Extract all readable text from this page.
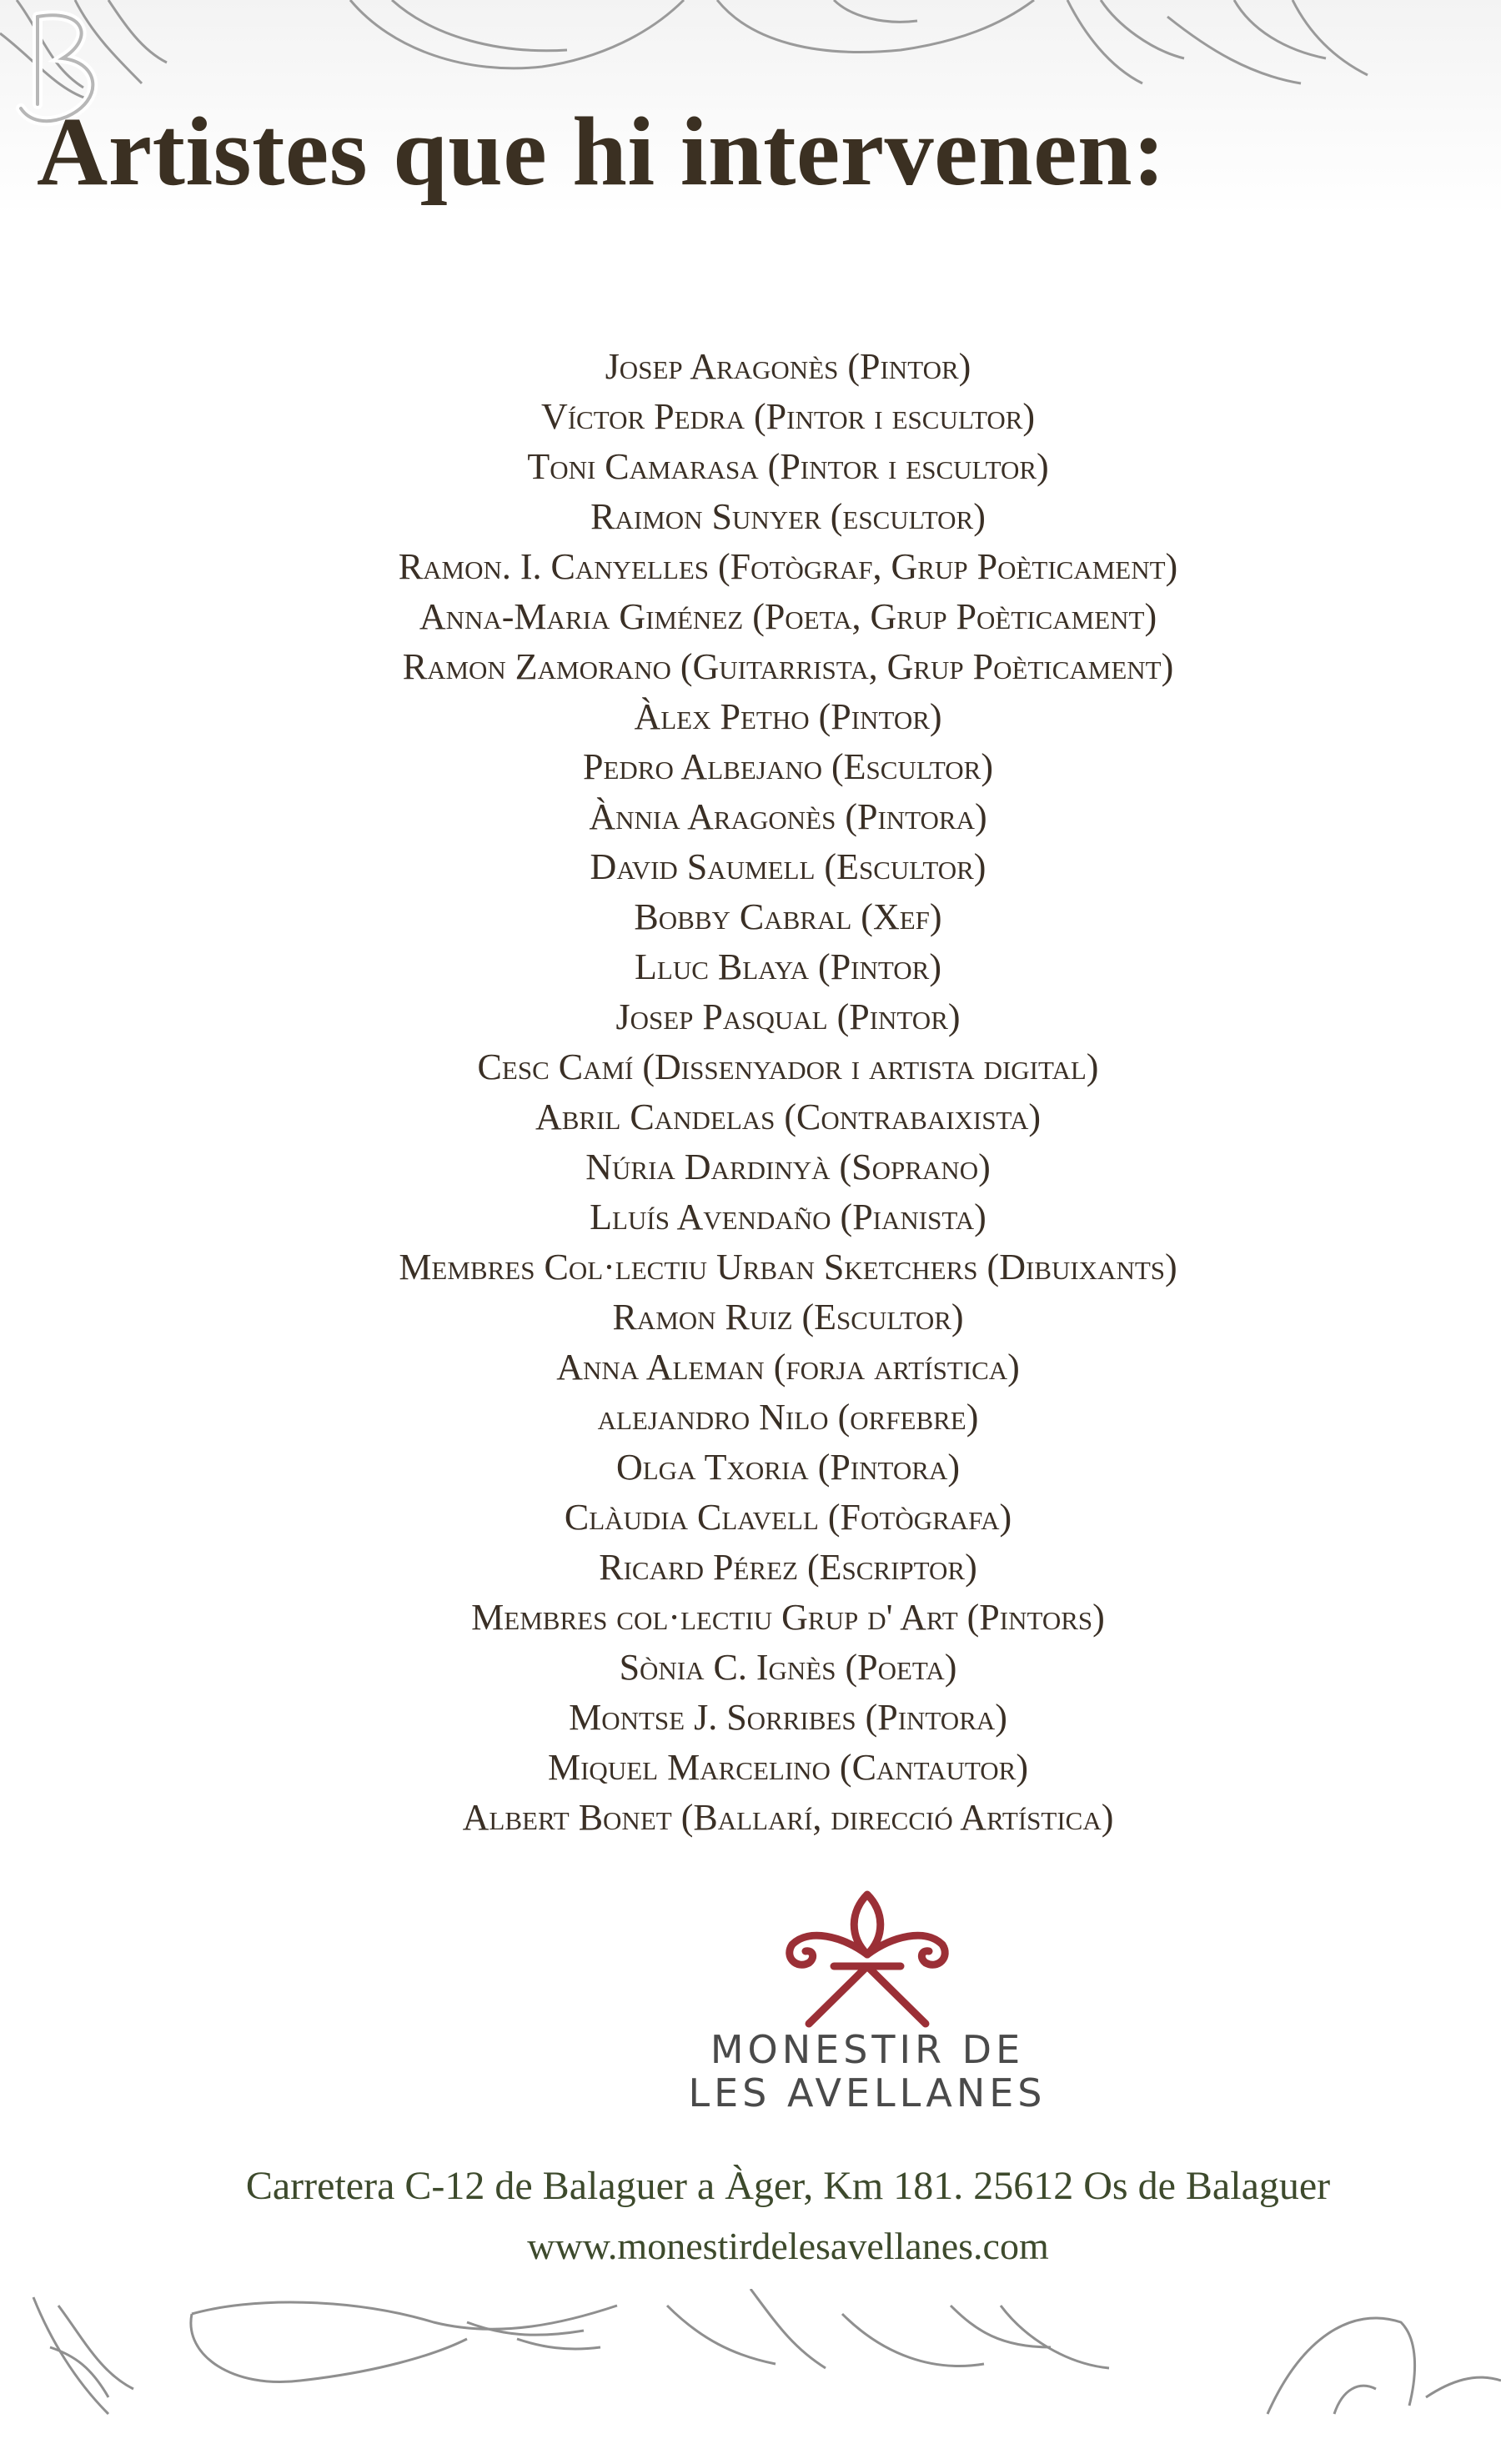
Artistes que hi intervenen:
Josep Aragonès (Pintor)
Víctor Pedra (Pintor i escultor)
Toni Camarasa (Pintor i escultor)
Raimon Sunyer (escultor)
Ramon. I. Canyelles (Fotògraf, Grup Poèticament)
Anna-Maria Giménez (Poeta, Grup Poèticament)
Ramon Zamorano (Guitarrista, Grup Poèticament)
Àlex Petho (Pintor)
Pedro Albejano (Escultor)
Ànnia Aragonès (Pintora)
David Saumell (Escultor)
Bobby Cabral (Xef)
Lluc Blaya (Pintor)
Josep Pasqual (Pintor)
Cesc Camí (Dissenyador i artista digital)
Abril Candelas (Contrabaixista)
Núria Dardinyà (Soprano)
Lluís Avendaño (Pianista)
Membres Col·lectiu Urban Sketchers (Dibuixants)
Ramon Ruiz (Escultor)
Anna Aleman (forja artística)
alejandro Nilo (orfebre)
Olga Txoria (Pintora)
Clàudia Clavell (Fotògrafa)
Ricard Pérez (Escriptor)
Membres col·lectiu Grup d' Art (Pintors)
Sònia C. Ignès (Poeta)
Montse J. Sorribes (Pintora)
Miquel Marcelino (Cantautor)
Albert Bonet (Ballarí, direcció Artística)
MONESTIR DE
LES AVELLANES
Carretera C-12 de Balaguer a Àger, Km 181. 25612 Os de Balaguer
www.monestirdelesavellanes.com
